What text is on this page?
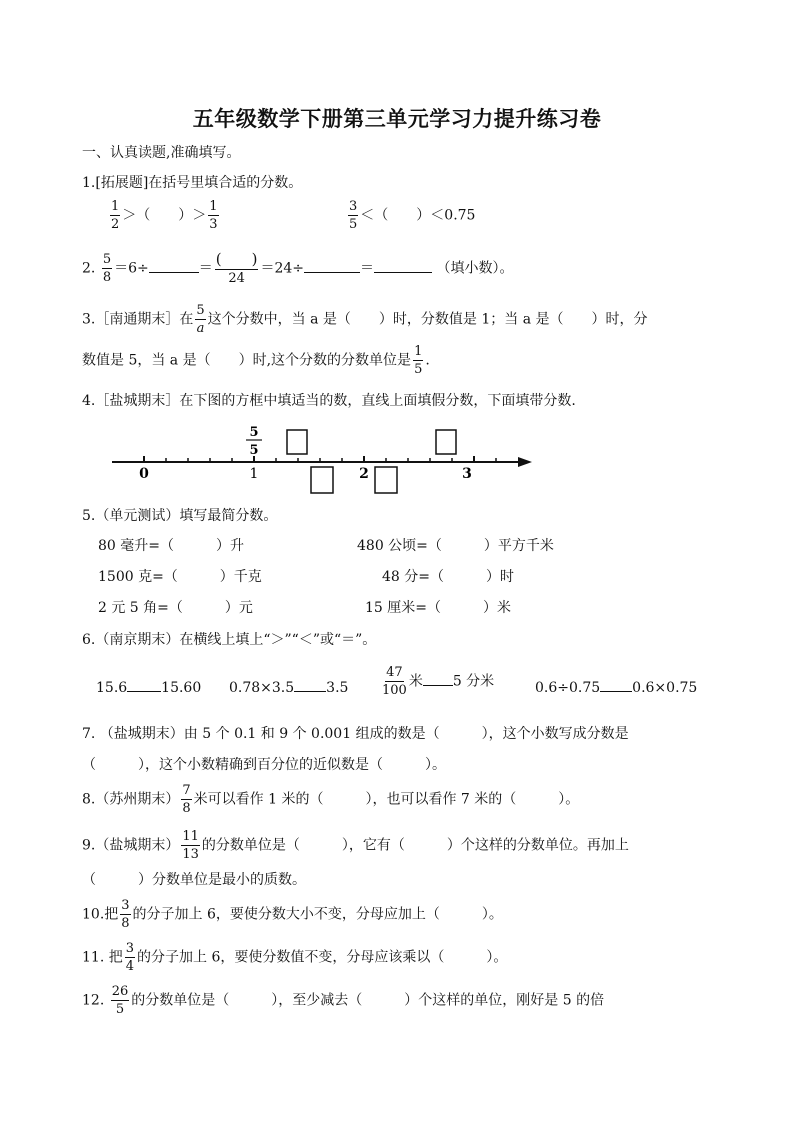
五年级数学下册第三单元学习力提升练习卷
一、认真读题,准确填写。
1.[拓展题]在括号里填合适的分数。
$\frac{1}{2}$ ＞（　　）＞ $\frac{1}{3}$	$\frac{3}{5}$ ＜（　　）＜0.75
2. $\frac{5}{8} =6\div$	＝ $\frac{( )}{24} =24\div$	＝	（填小数）。
3.［南通期末］在 $\frac{5}{a}$ 这个分数中，当 a 是（　　）时，分数值是 1；当 a 是（　　）时，分
数值是 5，当 a 是（　　）时,这个分数的分数单位是 $\frac{1}{5}$ .
4.［盐城期末］在下图的方框中填适当的数，直线上面填假分数，下面填带分数.
0	1	2	3
5
5
5.（单元测试）填写最简分数。
80 毫升=（　　　）升	480 公顷=（　　　）平方千米
1500 克=（　　　）千克	48 分=（　　　）时
2 元 5 角=（　　　）元	15 厘米=（　　　）米
6.（南京期末）在横线上填上“＞”“＜”或“＝”。
15.6 15.60 0.78×3.5 3.5	$\frac{47}{100}$ 米 5 分米	0.6÷0.75 0.6×0.75
7. （盐城期末）由 5 个 0.1 和 9 个 0.001 组成的数是（　　　），这个小数写成分数是
（　　　），这个小数精确到百分位的近似数是（　　　）。
8.（苏州期末） $\frac{7}{8}$ 米可以看作 1 米的（　　　），也可以看作 7 米的（　　　）。
9.（盐城期末） $\frac{11}{13}$ 的分数单位是（　　　），它有（　　　）个这样的分数单位。再加上
（　　　）分数单位是最小的质数。
10.把 $\frac{3}{8}$ 的分子加上 6，要使分数大小不变，分母应加上（　　　）。
11. 把 $\frac{3}{4}$ 的分子加上 6，要使分数值不变，分母应该乘以（　　　）。
12. $\frac{26}{5}$ 的分数单位是（　　　），至少减去（　　　）个这样的单位，刚好是 5 的倍
